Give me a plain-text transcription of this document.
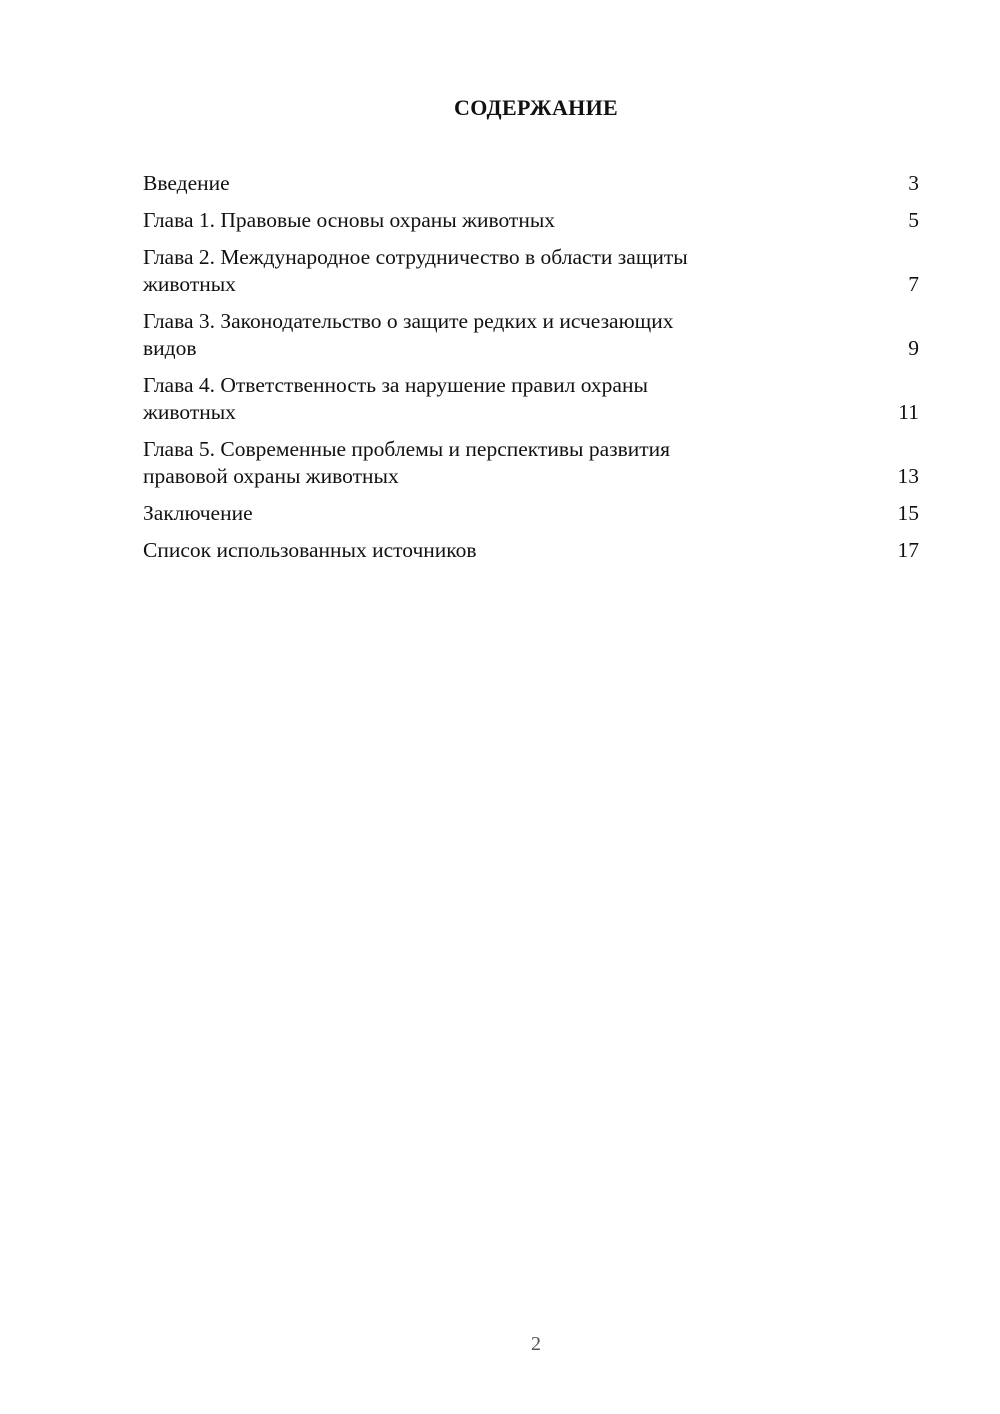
СОДЕРЖАНИЕ
Введение	3
Глава 1. Правовые основы охраны животных	5
Глава 2. Международное сотрудничество в области защиты
животных	7
Глава 3. Законодательство о защите редких и исчезающих
видов	9
Глава 4. Ответственность за нарушение правил охраны
животных	11
Глава 5. Современные проблемы и перспективы развития
правовой охраны животных	13
Заключение	15
Список использованных источников	17
2
